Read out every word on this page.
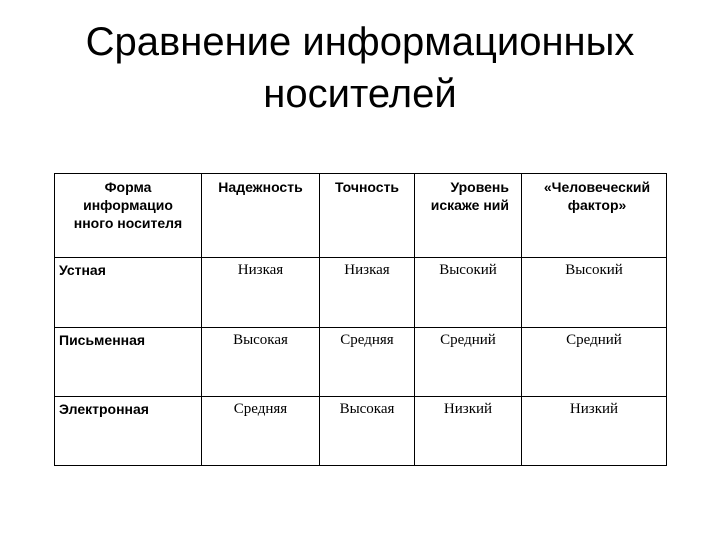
Сравнение информационных
носителей
Форма информацио нного носителя	Надежность	Точность	Уровень искаже ний	«Человеческий фактор»
Устная	Низкая	Низкая	Высокий	Высокий
Письменная	Высокая	Средняя	Средний	Средний
Электронная	Средняя	Высокая	Низкий	Низкий
